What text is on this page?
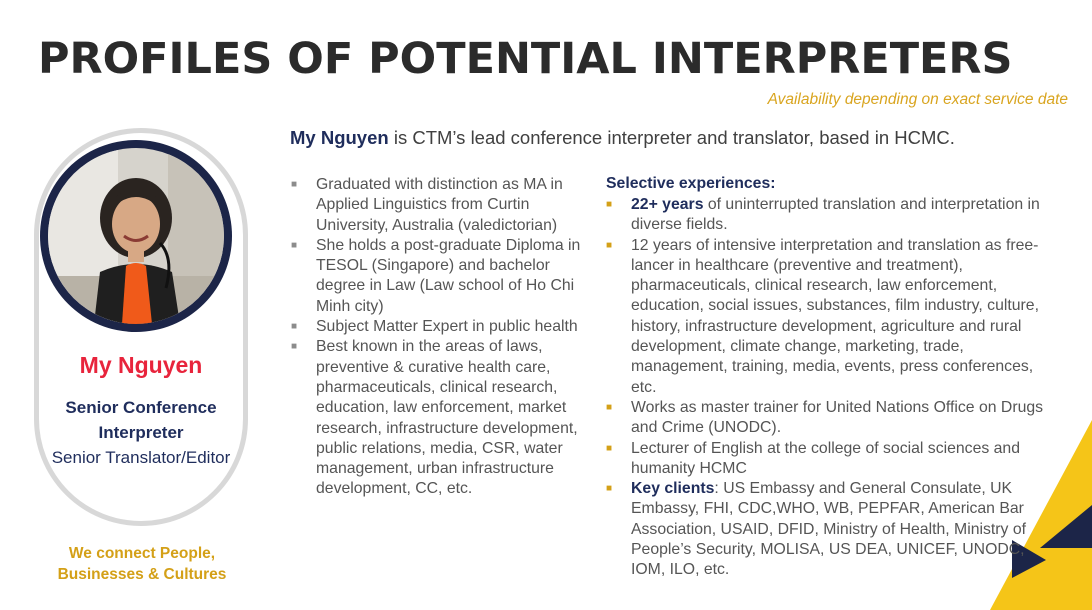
PROFILES OF POTENTIAL INTERPRETERS
Availability depending on exact service date
My Nguyen is CTM’s lead conference interpreter and translator, based in HCMC.
My Nguyen
Senior Conference Interpreter
Senior Translator/Editor
We connect People,
Businesses & Cultures
■ Graduated with distinction as MA in Applied Linguistics from Curtin University, Australia (valedictorian)
■ She holds a post-graduate Diploma in TESOL (Singapore) and bachelor degree in Law (Law school of Ho Chi Minh city)
■ Subject Matter Expert in public health
■ Best known in the areas of laws, preventive & curative health care, pharmaceuticals, clinical research, education, law enforcement, market research, infrastructure development, public relations, media, CSR, water management, urban infrastructure development, CC, etc.
Selective experiences:
■ 22+ years of uninterrupted translation and interpretation in diverse fields.
■ 12 years of intensive interpretation and translation as free-lancer in healthcare (preventive and treatment), pharmaceuticals, clinical research, law enforcement, education, social issues, substances, film industry, culture, history, infrastructure development, agriculture and rural development, climate change, marketing, trade, management, training, media, events, press conferences, etc.
■ Works as master trainer for United Nations Office on Drugs and Crime (UNODC).
■ Lecturer of English at the college of social sciences and humanity HCMC
■ Key clients: US Embassy and General Consulate, UK Embassy, FHI, CDC,WHO, WB, PEPFAR, American Bar Association, USAID, DFID, Ministry of Health, Ministry of People’s Security, MOLISA, US DEA, UNICEF, UNODC, IOM, ILO, etc.
